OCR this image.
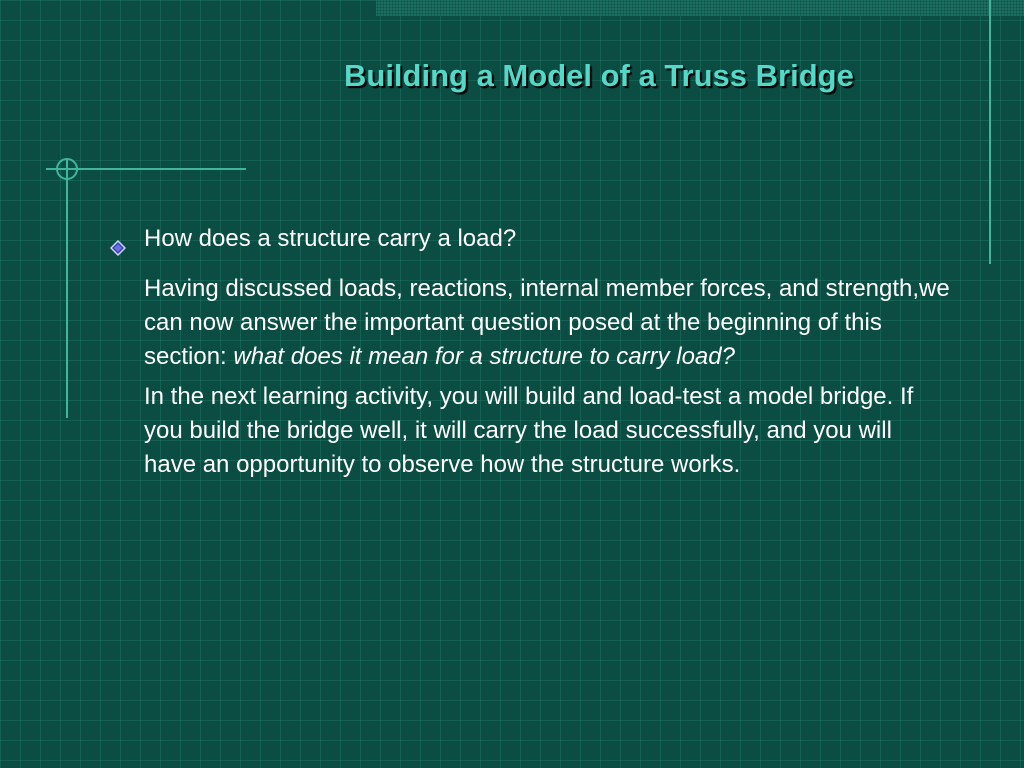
Building a Model of a Truss Bridge
How does a structure carry a load?

Having discussed loads, reactions, internal member forces, and strength,we can now answer the important question posed at the beginning of this section: what does it mean for a structure to carry load?

In the next learning activity, you will build and load-test a model bridge. If you build the bridge well, it will carry the load successfully, and you will have an opportunity to observe how the structure works.
